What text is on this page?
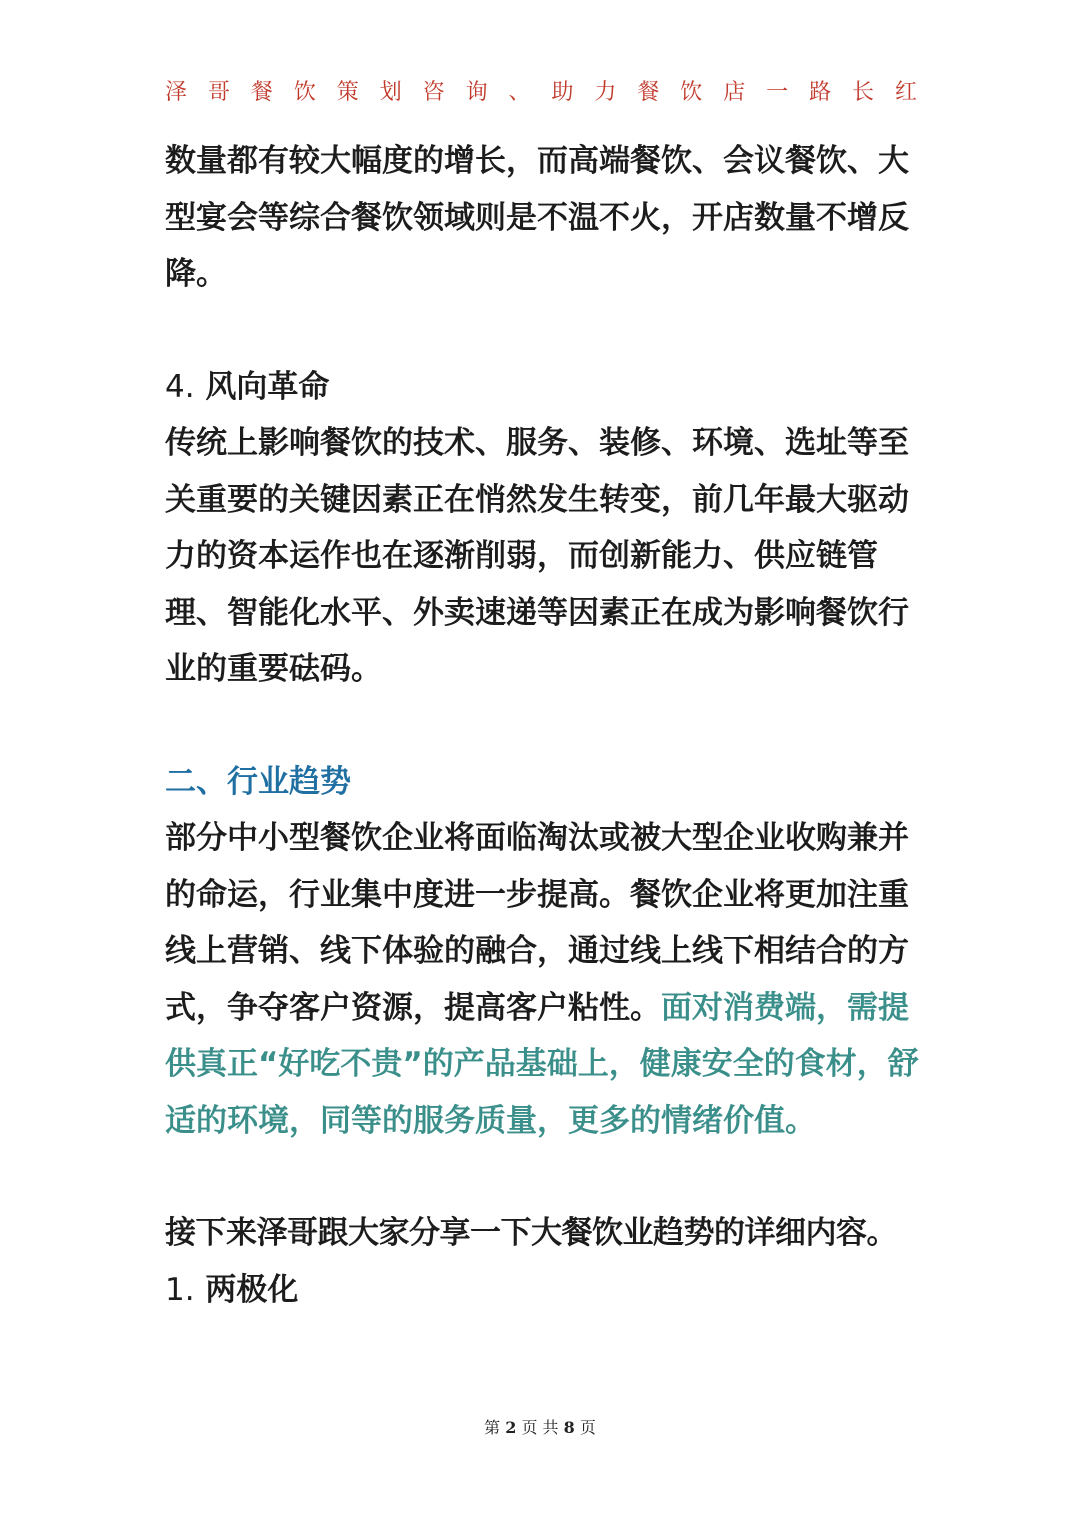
泽 哥 餐 饮 策 划 咨 询 、 助 力 餐 饮 店 一 路 长 红

数量都有较大幅度的增长，而高端餐饮、会议餐饮、大型宴会等综合餐饮领域则是不温不火，开店数量不增反降。

4. 风向革命

传统上影响餐饮的技术、服务、装修、环境、选址等至关重要的关键因素正在悄然发生转变，前几年最大驱动力的资本运作也在逐渐削弱，而创新能力、供应链管理、智能化水平、外卖速递等因素正在成为影响餐饮行业的重要砝码。

二、行业趋势

部分中小型餐饮企业将面临淘汰或被大型企业收购兼并的命运，行业集中度进一步提高。餐饮企业将更加注重线上营销、线下体验的融合，通过线上线下相结合的方式，争夺客户资源，提高客户粘性。面对消费端，需提供真正“好吃不贵”的产品基础上，健康安全的食材，舒适的环境，同等的服务质量，更多的情绪价值。

接下来泽哥跟大家分享一下大餐饮业趋势的详细内容。

1. 两极化

第 2 页 共 8 页
